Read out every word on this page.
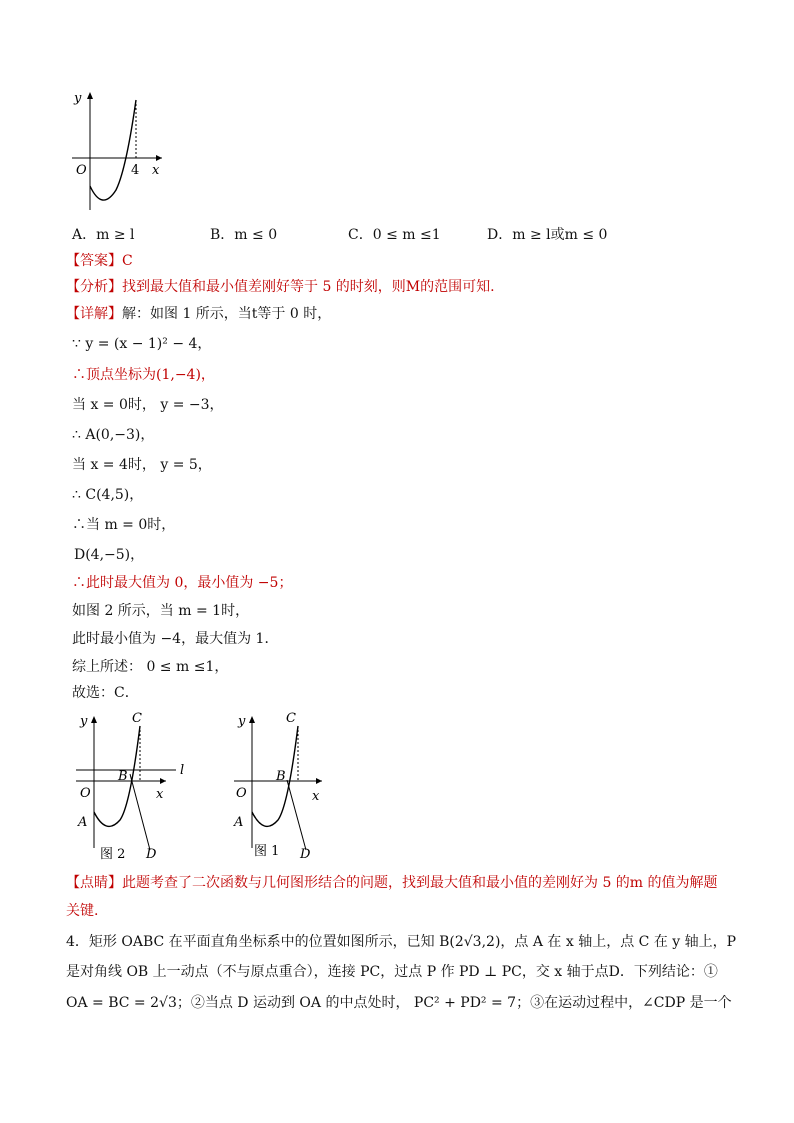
y
O	4 x
A．m ≥ l	B．m ≤ 0	C．0 ≤ m ≤1	D．m ≥ l或m ≤ 0
【答案】C
【分析】找到最大值和最小值差刚好等于 5 的时刻，则M的范围可知.
【详解】解：如图 1 所示，当t等于 0 时，
∵ y = (x − 1)² − 4，
∴顶点坐标为(1,−4)，
当 x = 0时， y = −3，
∴ A(0,−3)，
当 x = 4时， y = 5，
∴ C(4,5)，
∴当 m = 0时，
D(4,−5)，
∴此时最大值为 0，最小值为 −5；
如图 2 所示，当 m = 1时，
此时最小值为 −4，最大值为 1．
综上所述： 0 ≤ m ≤1，
故选：C．
y	C
l
B
O	x
A
图 2 D
y	C
B
O	x
A
图 1 D
【点睛】此题考查了二次函数与几何图形结合的问题，找到最大值和最小值的差刚好为 5 的m 的值为解题
关键.
4．矩形 OABC 在平面直角坐标系中的位置如图所示，已知 B(2√3,2)，点 A 在 x 轴上，点 C 在 y 轴上，P
是对角线 OB 上一动点（不与原点重合），连接 PC，过点 P 作 PD ⊥ PC，交 x 轴于点D．下列结论：①
OA = BC = 2√3；②当点 D 运动到 OA 的中点处时， PC² + PD² = 7；③在运动过程中，∠CDP 是一个
